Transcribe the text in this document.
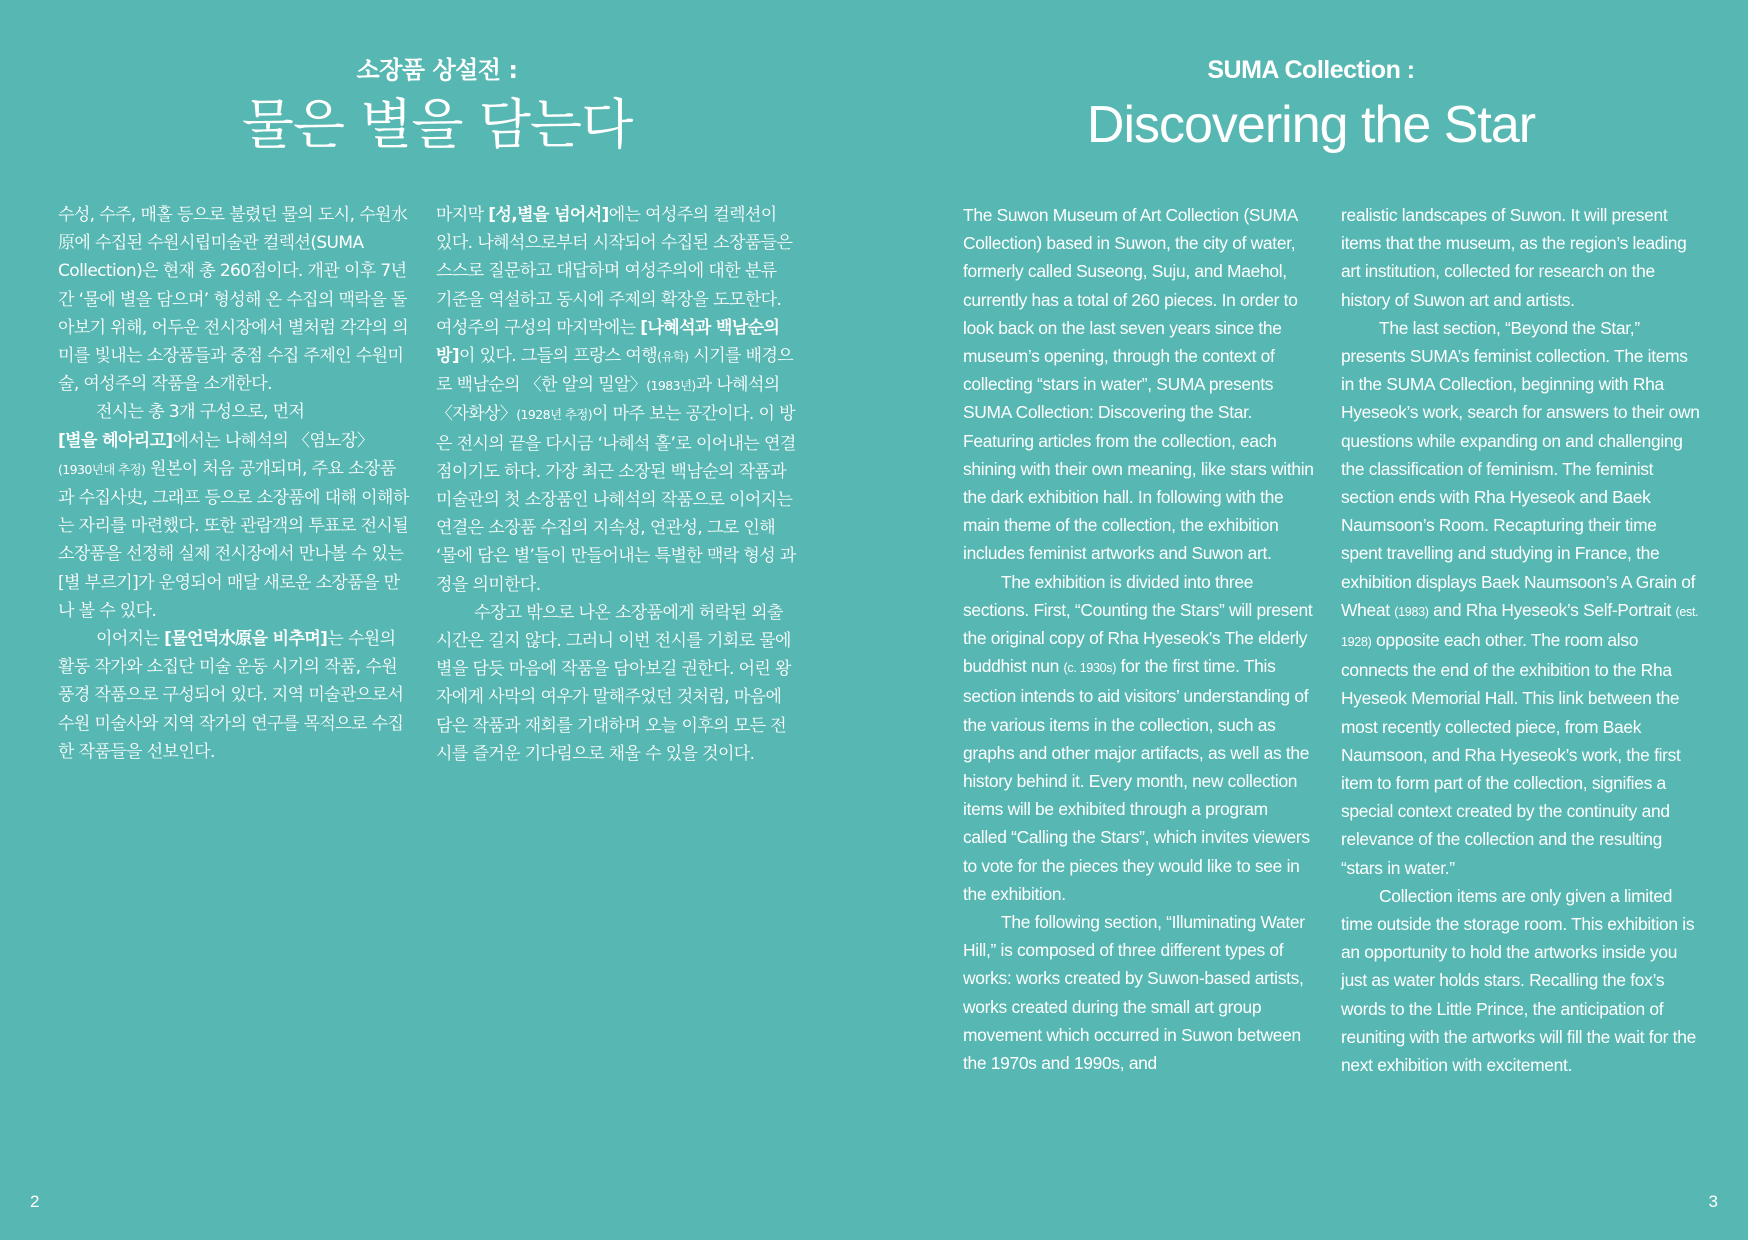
소장품 상설전 :
물은 별을 담는다

수성, 수주, 매홀 등으로 불렸던 물의 도시, 수원水原에 수집된 수원시립미술관 컬렉션(SUMA Collection)은 현재 총 260점이다. 개관 이후 7년간 ‘물에 별을 담으며’ 형성해 온 수집의 맥락을 돌아보기 위해, 어두운 전시장에서 별처럼 각각의 의미를 빛내는 소장품들과 중점 수집 주제인 수원미술, 여성주의 작품을 소개한다.

전시는 총 3개 구성으로, 먼저
[별을 헤아리고]에서는 나혜석의 〈염노장〉
(1930년대 추정) 원본이 처음 공개되며, 주요 소장품과 수집사史, 그래프 등으로 소장품에 대해 이해하는 자리를 마련했다. 또한 관람객의 투표로 전시될 소장품을 선정해 실제 전시장에서 만나볼 수 있는 [별 부르기]가 운영되어 매달 새로운 소장품을 만나 볼 수 있다.

이어지는 [물언덕水原을 비추며]는 수원의 활동 작가와 소집단 미술 운동 시기의 작품, 수원 풍경 작품으로 구성되어 있다. 지역 미술관으로서 수원 미술사와 지역 작가의 연구를 목적으로 수집한 작품들을 선보인다.

마지막 [성,별을 넘어서]에는 여성주의 컬렉션이 있다. 나혜석으로부터 시작되어 수집된 소장품들은 스스로 질문하고 대답하며 여성주의에 대한 분류 기준을 역설하고 동시에 주제의 확장을 도모한다. 여성주의 구성의 마지막에는 [나혜석과 백남순의 방]이 있다. 그들의 프랑스 여행(유학) 시기를 배경으로 백남순의 〈한 알의 밀알〉(1983년)과 나혜석의 〈자화상〉(1928년 추정)이 마주 보는 공간이다. 이 방은 전시의 끝을 다시금 ‘나혜석 홀’로 이어내는 연결점이기도 하다. 가장 최근 소장된 백남순의 작품과 미술관의 첫 소장품인 나혜석의 작품으로 이어지는 연결은 소장품 수집의 지속성, 연관성, 그로 인해 ‘물에 담은 별’들이 만들어내는 특별한 맥락 형성 과정을 의미한다.

수장고 밖으로 나온 소장품에게 허락된 외출 시간은 길지 않다. 그러니 이번 전시를 기회로 물에 별을 담듯 마음에 작품을 담아보길 권한다. 어린 왕자에게 사막의 여우가 말해주었던 것처럼, 마음에 담은 작품과 재회를 기대하며 오늘 이후의 모든 전시를 즐거운 기다림으로 채울 수 있을 것이다.

2
SUMA Collection :
Discovering the Star

The Suwon Museum of Art Collection (SUMA Collection) based in Suwon, the city of water, formerly called Suseong, Suju, and Maehol, currently has a total of 260 pieces. In order to look back on the last seven years since the museum’s opening, through the context of collecting “stars in water”, SUMA presents SUMA Collection: Discovering the Star. Featuring articles from the collection, each shining with their own meaning, like stars within the dark exhibition hall. In following with the main theme of the collection, the exhibition includes feminist artworks and Suwon art.

The exhibition is divided into three sections. First, “Counting the Stars” will present the original copy of Rha Hyeseok’s The elderly buddhist nun (c. 1930s) for the first time. This section intends to aid visitors’ understanding of the various items in the collection, such as graphs and other major artifacts, as well as the history behind it. Every month, new collection items will be exhibited through a program called “Calling the Stars”, which invites viewers to vote for the pieces they would like to see in the exhibition.

The following section, “Illuminating Water Hill,” is composed of three different types of works: works created by Suwon-based artists, works created during the small art group movement which occurred in Suwon between the 1970s and 1990s, and

realistic landscapes of Suwon. It will present items that the museum, as the region’s leading art institution, collected for research on the history of Suwon art and artists.

The last section, “Beyond the Star,” presents SUMA’s feminist collection. The items in the SUMA Collection, beginning with Rha Hyeseok’s work, search for answers to their own questions while expanding on and challenging the classification of feminism. The feminist section ends with Rha Hyeseok and Baek Naumsoon’s Room. Recapturing their time spent travelling and studying in France, the exhibition displays Baek Naumsoon’s A Grain of Wheat (1983) and Rha Hyeseok’s Self-Portrait (est. 1928) opposite each other. The room also connects the end of the exhibition to the Rha Hyeseok Memorial Hall. This link between the most recently collected piece, from Baek Naumsoon, and Rha Hyeseok’s work, the first item to form part of the collection, signifies a special context created by the continuity and relevance of the collection and the resulting “stars in water.”

Collection items are only given a limited time outside the storage room. This exhibition is an opportunity to hold the artworks inside you just as water holds stars. Recalling the fox’s words to the Little Prince, the anticipation of reuniting with the artworks will fill the wait for the next exhibition with excitement.

3
